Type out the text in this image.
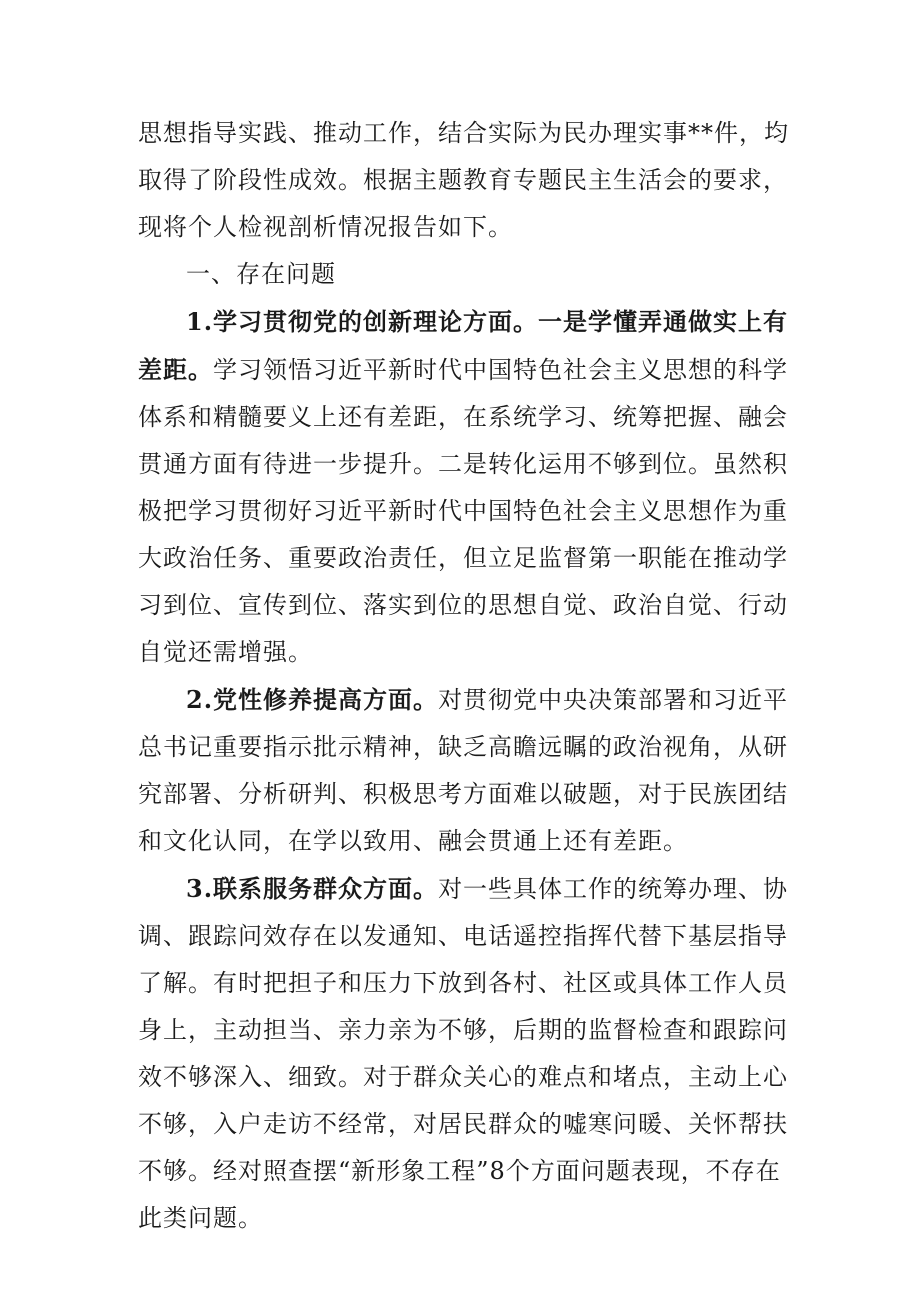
思想指导实践、推动工作，结合实际为民办理实事**件，均取得了阶段性成效。根据主题教育专题民主生活会的要求，现将个人检视剖析情况报告如下。

一、存在问题

1.学习贯彻党的创新理论方面。一是学懂弄通做实上有差距。学习领悟习近平新时代中国特色社会主义思想的科学体系和精髓要义上还有差距，在系统学习、统筹把握、融会贯通方面有待进一步提升。二是转化运用不够到位。虽然积极把学习贯彻好习近平新时代中国特色社会主义思想作为重大政治任务、重要政治责任，但立足监督第一职能在推动学习到位、宣传到位、落实到位的思想自觉、政治自觉、行动自觉还需增强。

2.党性修养提高方面。对贯彻党中央决策部署和习近平总书记重要指示批示精神，缺乏高瞻远瞩的政治视角，从研究部署、分析研判、积极思考方面难以破题，对于民族团结和文化认同，在学以致用、融会贯通上还有差距。

3.联系服务群众方面。对一些具体工作的统筹办理、协调、跟踪问效存在以发通知、电话遥控指挥代替下基层指导了解。有时把担子和压力下放到各村、社区或具体工作人员身上，主动担当、亲力亲为不够，后期的监督检查和跟踪问效不够深入、细致。对于群众关心的难点和堵点，主动上心不够，入户走访不经常，对居民群众的嘘寒问暖、关怀帮扶不够。经对照查摆“新形象工程”8个方面问题表现，不存在此类问题。
